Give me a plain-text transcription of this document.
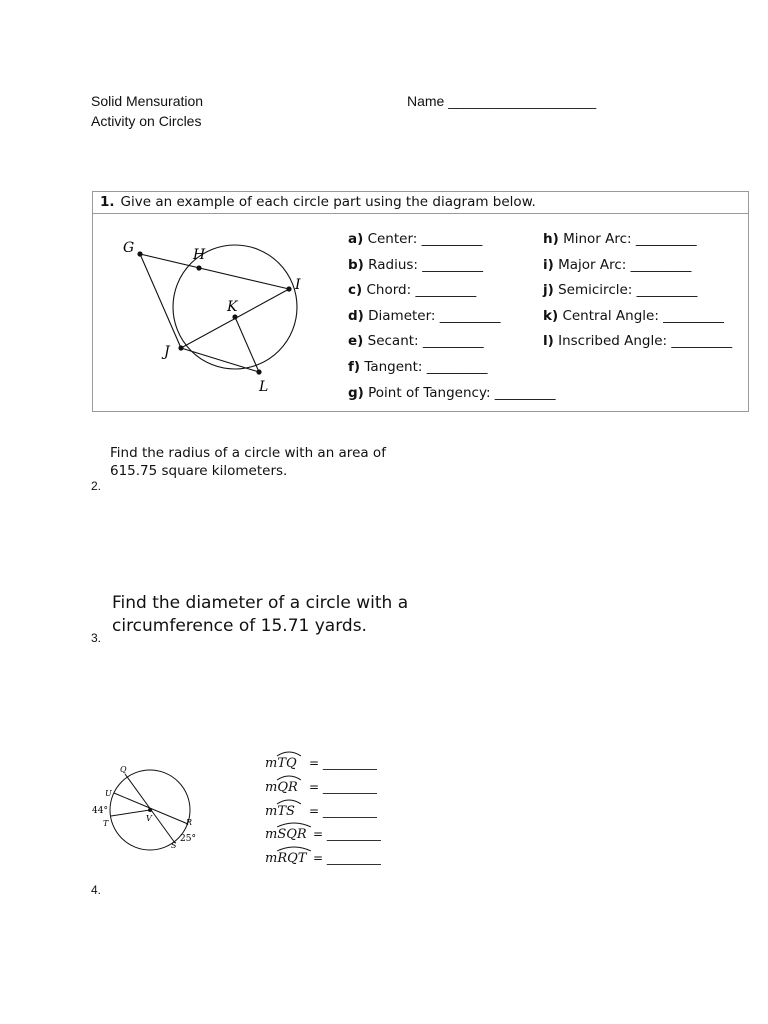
Solid Mensuration
Activity on Circles
Name ___________________
1. Give an example of each circle part using the diagram below.
G	H
I
K
J
L
a) Center: _________
b) Radius: _________
c) Chord: _________
d) Diameter: _________
e) Secant: _________
f) Tangent: _________
g) Point of Tangency: _________
h) Minor Arc: _________
i) Major Arc: _________
j) Semicircle: _________
k) Central Angle: _________
l) Inscribed Angle: _________
Find the radius of a circle with an area of
615.75 square kilometers.
2.
Find the diameter of a circle with a
circumference of 15.71 yards.
3.
Q
U
T
V	R
S
44°
25°
m
TQ = _________
m
QR = _________
m
TS = _________
m
SQR = _________
m
RQT = _________
4.
